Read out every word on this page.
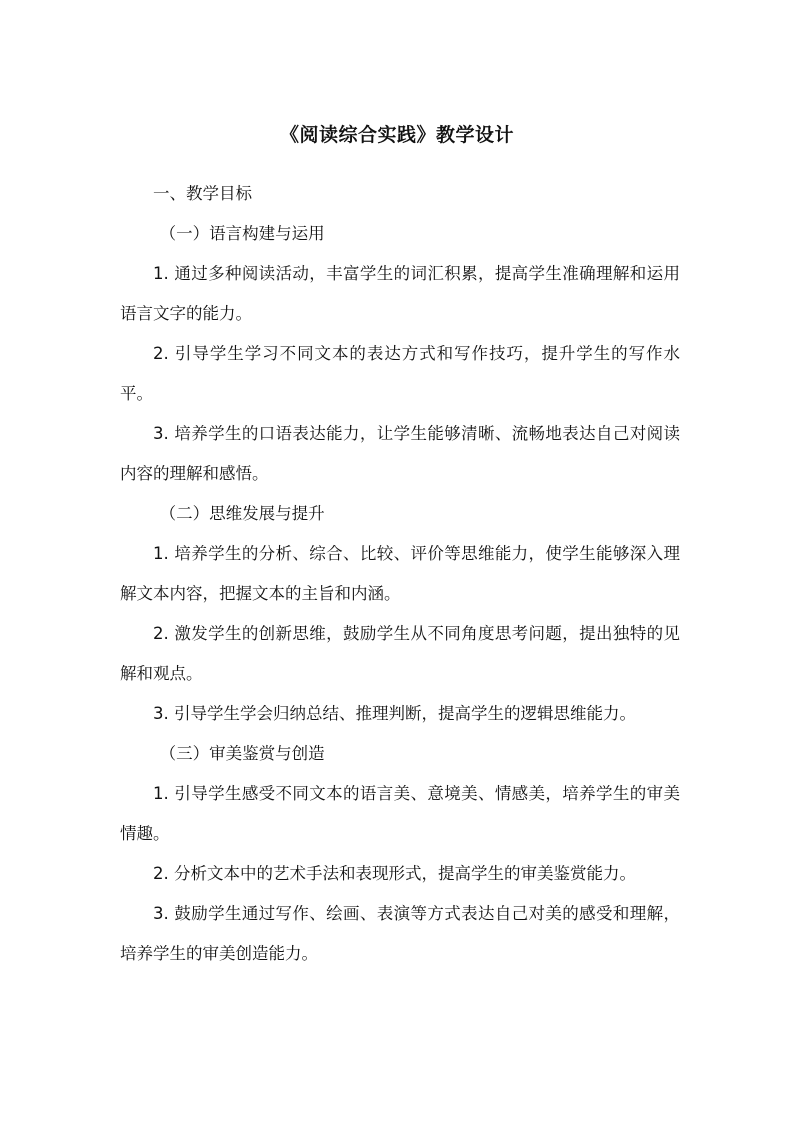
《阅读综合实践》教学设计

一、教学目标

（一）语言构建与运用

1. 通过多种阅读活动，丰富学生的词汇积累，提高学生准确理解和运用语言文字的能力。

2. 引导学生学习不同文本的表达方式和写作技巧，提升学生的写作水平。

3. 培养学生的口语表达能力，让学生能够清晰、流畅地表达自己对阅读内容的理解和感悟。

（二）思维发展与提升

1. 培养学生的分析、综合、比较、评价等思维能力，使学生能够深入理解文本内容，把握文本的主旨和内涵。

2. 激发学生的创新思维，鼓励学生从不同角度思考问题，提出独特的见解和观点。

3. 引导学生学会归纳总结、推理判断，提高学生的逻辑思维能力。

（三）审美鉴赏与创造

1. 引导学生感受不同文本的语言美、意境美、情感美，培养学生的审美情趣。

2. 分析文本中的艺术手法和表现形式，提高学生的审美鉴赏能力。

3. 鼓励学生通过写作、绘画、表演等方式表达自己对美的感受和理解，培养学生的审美创造能力。
